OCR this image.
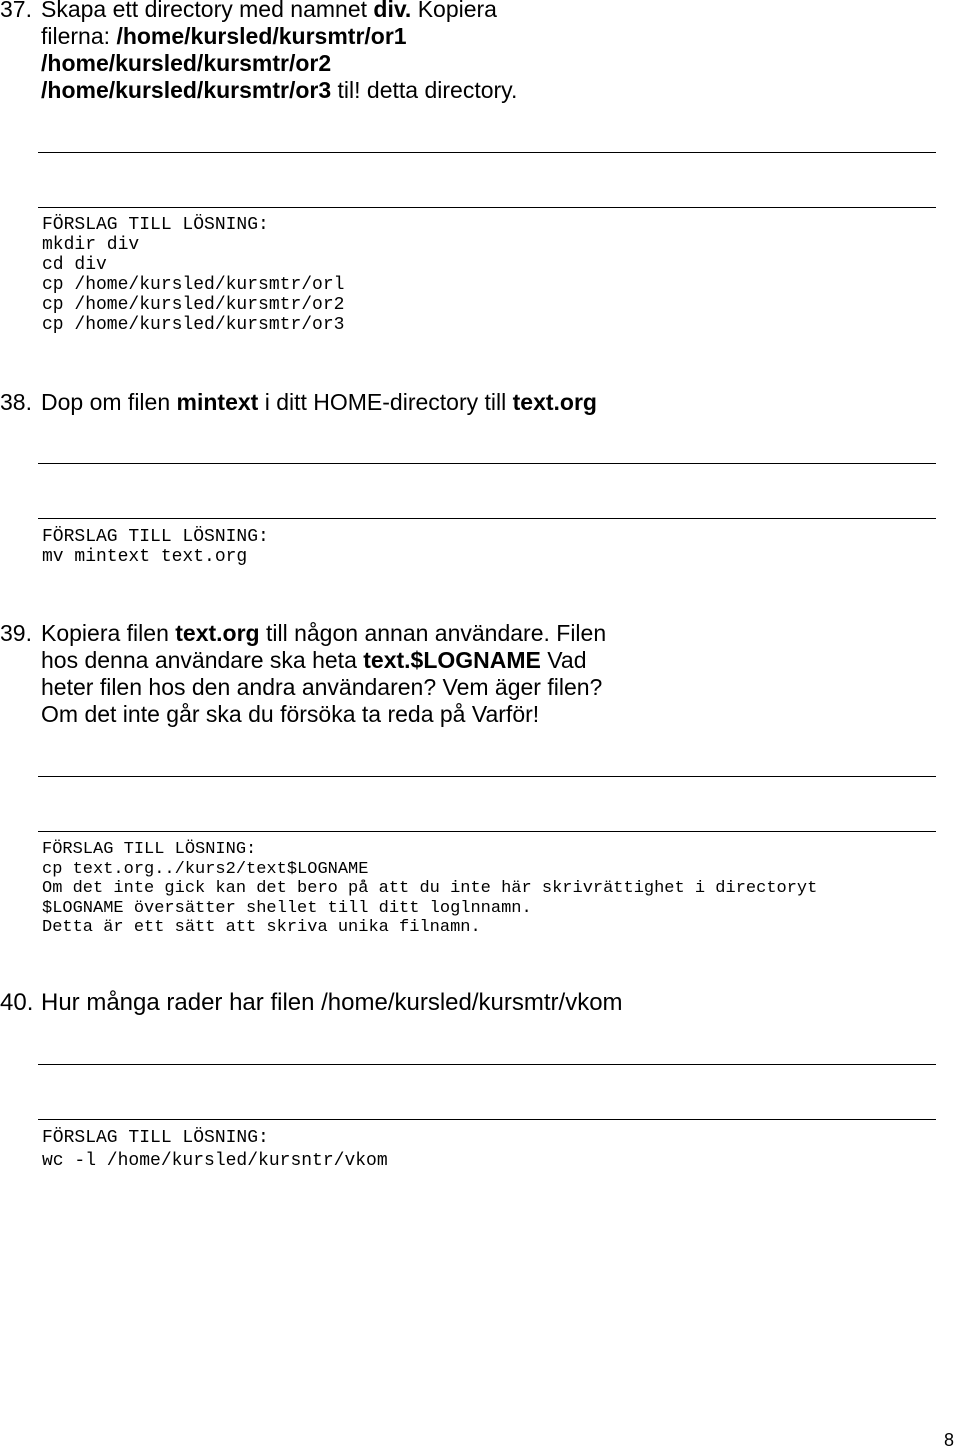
37. Skapa ett directory med namnet div. Kopiera
filerna: /home/kursled/kursmtr/or1
/home/kursled/kursmtr/or2
/home/kursled/kursmtr/or3 til! detta directory.
FÖRSLAG TILL LÖSNING:
mkdir div
cd div
cp /home/kursled/kursmtr/orl
cp /home/kursled/kursmtr/or2
cp /home/kursled/kursmtr/or3
38. Dop om filen mintext i ditt HOME-directory till text.org
FÖRSLAG TILL LÖSNING:
mv mintext text.org
39. Kopiera filen text.org till någon annan användare. Filen
hos denna användare ska heta text.$LOGNAME Vad
heter filen hos den andra användaren? Vem äger filen?
Om det inte går ska du försöka ta reda på Varför!
FÖRSLAG TILL LÖSNING:
cp text.org../kurs2/text$LOGNAME
Om det inte gick kan det bero på att du inte här skrivrättighet i directoryt
$LOGNAME översätter shellet till ditt loglnnamn.
Detta är ett sätt att skriva unika filnamn.
40. Hur många rader har filen /home/kursled/kursmtr/vkom
FÖRSLAG TILL LÖSNING:
wc -l /home/kursled/kursntr/vkom
8
